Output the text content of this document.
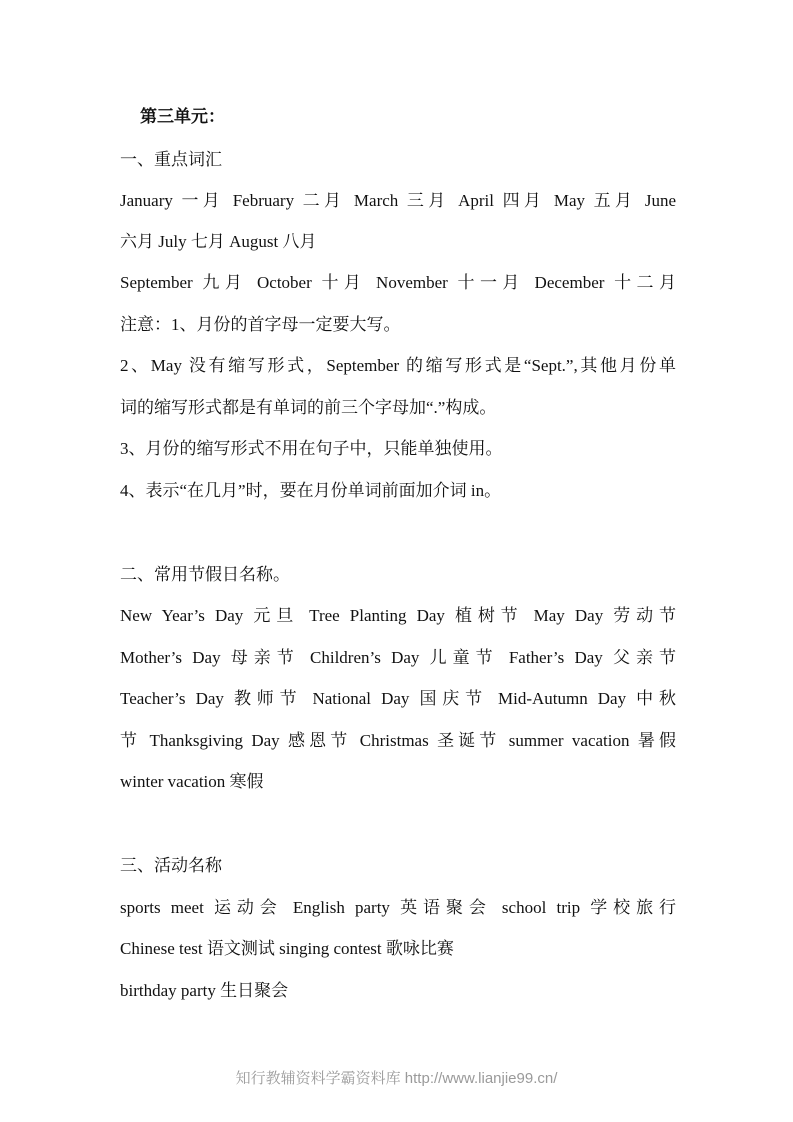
第三单元：
一、重点词汇
January 一月 February 二月 March 三月 April 四月 May 五月 June
六月 July 七月 August 八月
September 九月 October 十月 November 十一月 December 十二月
注意：1、月份的首字母一定要大写。
2、May 没有缩写形式，September 的缩写形式是“Sept.”,其他月份单
词的缩写形式都是有单词的前三个字母加“.”构成。
3、月份的缩写形式不用在句子中，只能单独使用。
4、表示“在几月”时，要在月份单词前面加介词 in。
二、常用节假日名称。
New Year’s Day 元旦 Tree Planting Day 植树节 May Day 劳动节
Mother’s Day 母亲节 Children’s Day 儿童节 Father’s Day 父亲节
Teacher’s Day 教师节 National Day 国庆节 Mid-Autumn Day 中秋
节 Thanksgiving Day 感恩节 Christmas 圣诞节 summer vacation 暑假
winter vacation 寒假
三、活动名称
sports meet 运动会 English party 英语聚会 school trip 学校旅行
Chinese test 语文测试 singing contest 歌咏比赛
birthday party 生日聚会
知行教辅资料学霸资料库 http://www.lianjie99.cn/
